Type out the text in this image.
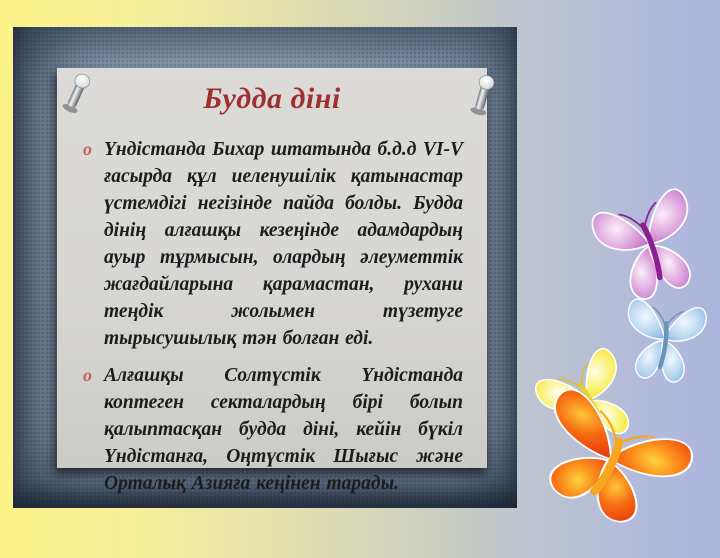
Будда діні
o Үндістанда Бихар штатында б.д.д VI-V ғасырда құл иеленушілік қатынастар үстемдігі негізінде пайда болды. Будда дінің алғашқы кезеңінде адамдардың ауыр тұрмысын, олардың әлеуметтік жағдайларына қарамастан, рухани теңдік жолымен түзетуге тырысушылық тән болған еді.
o Алғашқы Солтүстік Үндістанда коптеген секталардың бірі болып қалыптасқан будда діні, кейін бүкіл Үндістанға, Оңтүстік Шығыс және Орталық Азияға кеңінен тарады.
